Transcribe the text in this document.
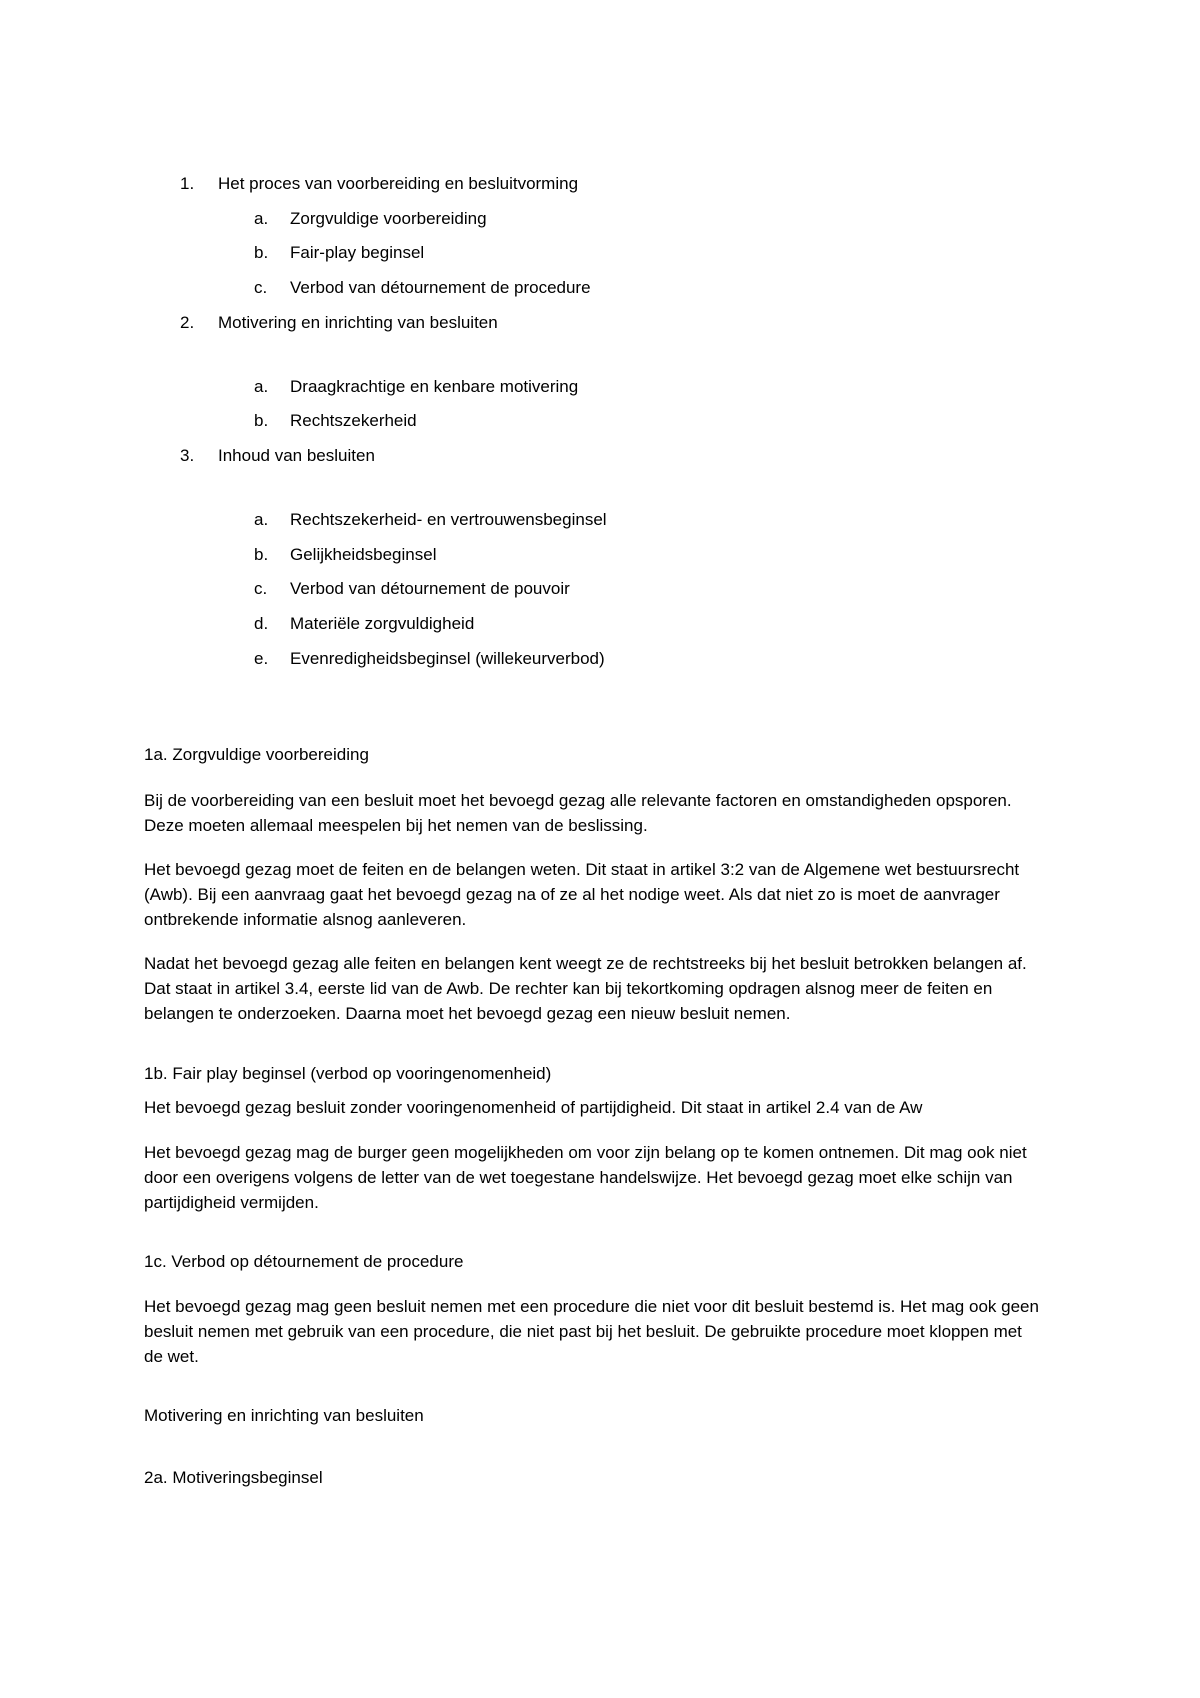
1. Het proces van voorbereiding en besluitvorming
a. Zorgvuldige voorbereiding
b. Fair-play beginsel
c. Verbod van détournement de procedure
2. Motivering en inrichting van besluiten
a. Draagkrachtige en kenbare motivering
b. Rechtszekerheid
3. Inhoud van besluiten
a. Rechtszekerheid- en vertrouwensbeginsel
b. Gelijkheidsbeginsel
c. Verbod van détournement de pouvoir
d. Materiële zorgvuldigheid
e. Evenredigheidsbeginsel (willekeurverbod)
1a. Zorgvuldige voorbereiding

Bij de voorbereiding van een besluit moet het bevoegd gezag alle relevante factoren en omstandigheden opsporen. Deze moeten allemaal meespelen bij het nemen van de beslissing.

Het bevoegd gezag moet de feiten en de belangen weten. Dit staat in artikel 3:2 van de Algemene wet bestuursrecht (Awb). Bij een aanvraag gaat het bevoegd gezag na of ze al het nodige weet. Als dat niet zo is moet de aanvrager ontbrekende informatie alsnog aanleveren.

Nadat het bevoegd gezag alle feiten en belangen kent weegt ze de rechtstreeks bij het besluit betrokken belangen af. Dat staat in artikel 3.4, eerste lid van de Awb. De rechter kan bij tekortkoming opdragen alsnog meer de feiten en belangen te onderzoeken. Daarna moet het bevoegd gezag een nieuw besluit nemen.

1b. Fair play beginsel (verbod op vooringenomenheid)

Het bevoegd gezag besluit zonder vooringenomenheid of partijdigheid. Dit staat in artikel 2.4 van de Aw

Het bevoegd gezag mag de burger geen mogelijkheden om voor zijn belang op te komen ontnemen. Dit mag ook niet door een overigens volgens de letter van de wet toegestane handelswijze. Het bevoegd gezag moet elke schijn van partijdigheid vermijden.

1c. Verbod op détournement de procedure

Het bevoegd gezag mag geen besluit nemen met een procedure die niet voor dit besluit bestemd is. Het mag ook geen besluit nemen met gebruik van een procedure, die niet past bij het besluit. De gebruikte procedure moet kloppen met de wet.

Motivering en inrichting van besluiten
2a. Motiveringsbeginsel
